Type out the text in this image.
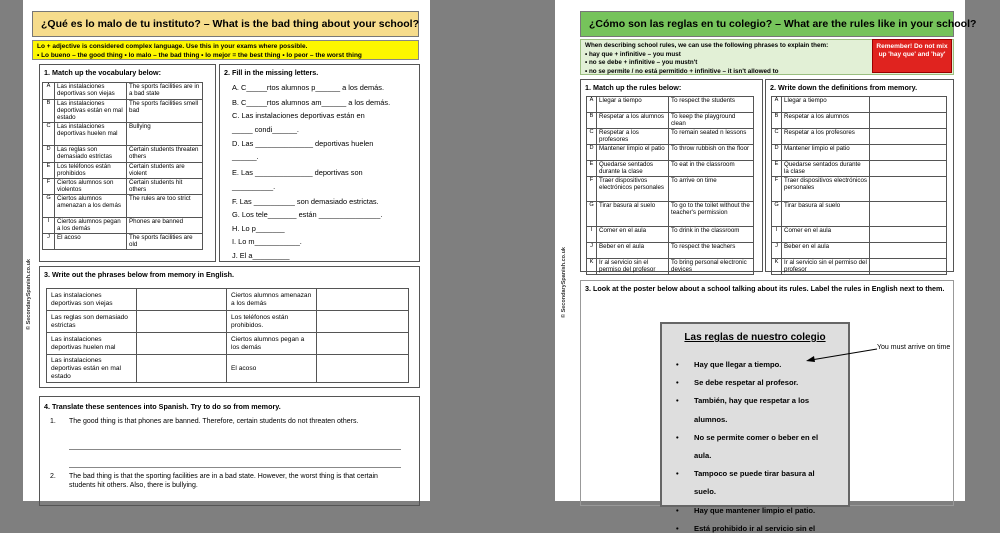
© SecondarySpanish.co.uk
¿Qué es lo malo de tu instituto? – What is the bad thing about your school?
Lo + adjective is considered complex language. Use this in your exams where possible.
• Lo bueno – the good thing • lo malo – the bad thing • lo mejor = the best thing • lo peor – the worst thing
1. Match up the vocabulary below:
A	Las instalaciones deportivas son viejas	The sports facilities are in a bad state
B	Las instalaciones deportivas están en mal estado	The sports facilities smell bad
C	Las instalaciones deportivas huelen mal	Bullying
D	Las reglas son demasiado estrictas	Certain students threaten others
E	Los teléfonos están prohibidos	Certain students are violent
F	Ciertos alumnos son violentos	Certain students hit others
G	Ciertos alumnos amenazan a los demás	The rules are too strict
I	Ciertos alumnos pegan a los demás	Phones are banned
J	El acoso	The sports facilities are old
2. Fill in the missing letters.
A. C_____rtos alumnos p______ a los demás.
B. C_____rtos alumnos am______ a los demás.
C. Las instalaciones deportivas están en
_____ condi______.
D. Las ______________ deportivas huelen
______.
E. Las ______________ deportivas son
__________.
F. Las __________ son demasiado estrictas.
G. Los tele_______ están _______________.
H. Lo p_______
I. Lo m___________.
J. El a_________
3. Write out the phrases below from memory in English.
Las instalaciones deportivas son viejas		Ciertos alumnos amenazan a los demás	
Las reglas son demasiado estrictas		Los teléfonos están prohibidos.	
Las instalaciones deportivas huelen mal		Ciertos alumnos pegan a los demás	
Las instalaciones deportivas están en mal estado		El acoso	
4. Translate these sentences into Spanish. Try to do so from memory.
1. The good thing is that phones are banned. Therefore, certain students do not threaten others.
2. The bad thing is that the sporting facilities are in a bad state. However, the worst thing is that certain students hit others. Also, there is bullying.
© SecondarySpanish.co.uk
¿Cómo son las reglas en tu colegio? – What are the rules like in your school?
When describing school rules, we can use the following phrases to explain them:
• hay que + infinitive – you must
• no se debe + infinitive – you mustn't
• no se permite / no está permitido + infinitive – it isn't allowed to
Remember! Do not mix up 'hay que' and 'hay'
1. Match up the rules below:
A	Llegar a tiempo	To respect the students
B	Respetar a los alumnos	To keep the playground clean
C	Respetar a los profesores	To remain seated n lessons
D	Mantener limpio el patio	To throw rubbish on the floor
E	Quedarse sentados durante la clase	To eat in the classroom
F	Traer dispositivos electrónicos personales	To arrive on time
G	Tirar basura al suelo	To go to the toilet without the teacher's permission
I	Comer en el aula	To drink in the classroom
J	Beber en el aula	To respect the teachers
K	Ir al servicio sin el permiso del profesor	To bring personal electronic devices
2. Write down the definitions from memory.
A	Llegar a tiempo	
B	Respetar a los alumnos	
C	Respetar a los profesores	
D	Mantener limpio el patio	
E	Quedarse sentados durante la clase	
F	Traer dispositivos electrónicos personales	
G	Tirar basura al suelo	
I	Comer en el aula	
J	Beber en el aula	
K	Ir al servicio sin el permiso del profesor	
3. Look at the poster below about a school talking about its rules. Label the rules in English next to them.
Las reglas de nuestro colegio
• Hay que llegar a tiempo.
• Se debe respetar al profesor.
• También, hay que respetar a los
alumnos.
• No se permite comer o beber en el
aula.
• Tampoco se puede tirar basura al
suelo.
• Hay que mantener limpio el patio.
• Está prohibido ir al servicio sin el
You must arrive on time
